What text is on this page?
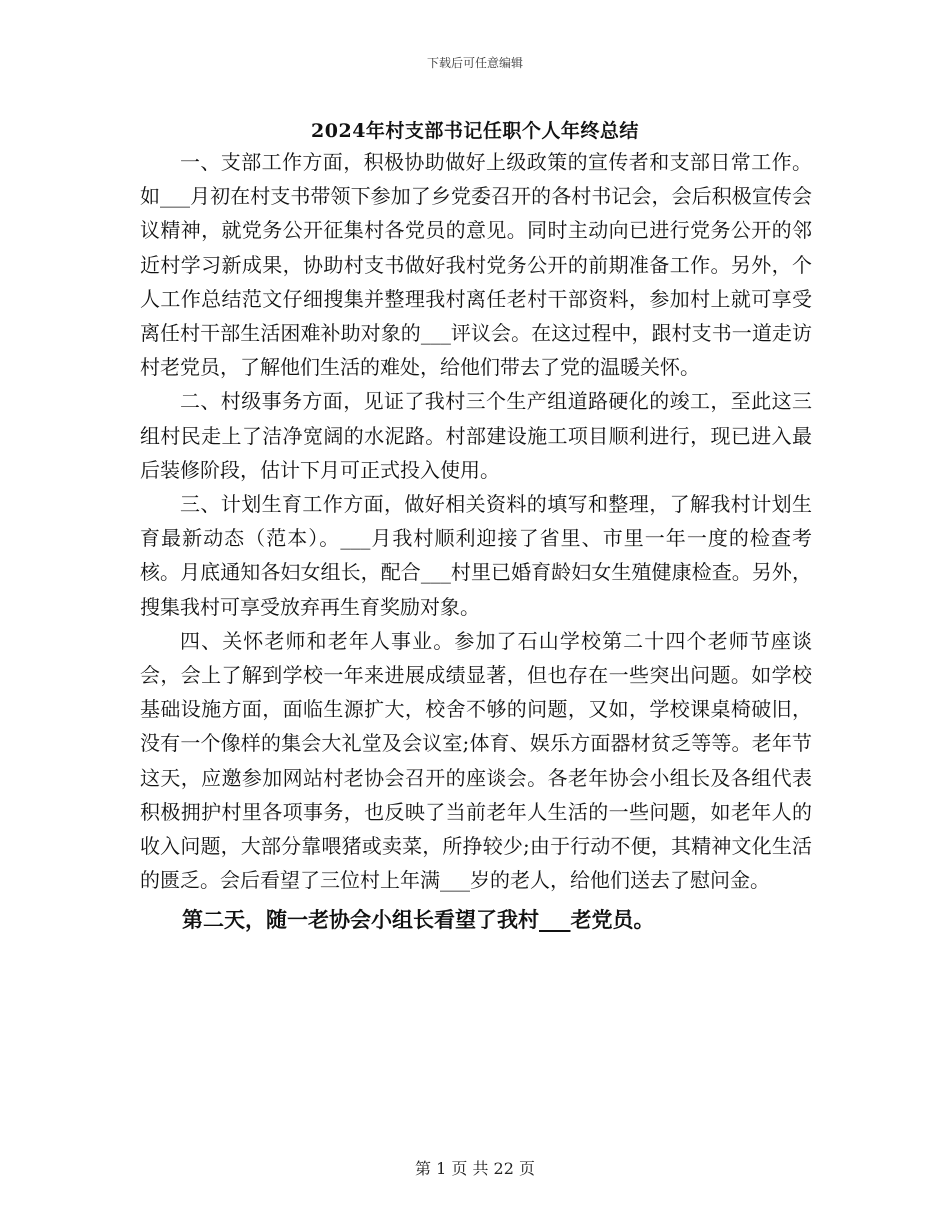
下载后可任意编辑
2024年村支部书记任职个人年终总结

一、支部工作方面，积极协助做好上级政策的宣传者和支部日常工作。如___月初在村支书带领下参加了乡党委召开的各村书记会，会后积极宣传会议精神，就党务公开征集村各党员的意见。同时主动向已进行党务公开的邻近村学习新成果，协助村支书做好我村党务公开的前期准备工作。另外，个人工作总结范文仔细搜集并整理我村离任老村干部资料，参加村上就可享受离任村干部生活困难补助对象的___评议会。在这过程中，跟村支书一道走访村老党员，了解他们生活的难处，给他们带去了党的温暖关怀。

二、村级事务方面，见证了我村三个生产组道路硬化的竣工，至此这三组村民走上了洁净宽阔的水泥路。村部建设施工项目顺利进行，现已进入最后装修阶段，估计下月可正式投入使用。

三、计划生育工作方面，做好相关资料的填写和整理，了解我村计划生育最新动态（范本）。___月我村顺利迎接了省里、市里一年一度的检查考核。月底通知各妇女组长，配合___村里已婚育龄妇女生殖健康检查。另外，搜集我村可享受放弃再生育奖励对象。

四、关怀老师和老年人事业。参加了石山学校第二十四个老师节座谈会，会上了解到学校一年来进展成绩显著，但也存在一些突出问题。如学校基础设施方面，面临生源扩大，校舍不够的问题，又如，学校课桌椅破旧，没有一个像样的集会大礼堂及会议室;体育、娱乐方面器材贫乏等等。老年节这天，应邀参加网站村老协会召开的座谈会。各老年协会小组长及各组代表积极拥护村里各项事务，也反映了当前老年人生活的一些问题，如老年人的收入问题，大部分靠喂猪或卖菜，所挣较少;由于行动不便，其精神文化生活的匮乏。会后看望了三位村上年满___岁的老人，给他们送去了慰问金。

第二天，随一老协会小组长看望了我村___老党员。

第 1 页 共 22 页
